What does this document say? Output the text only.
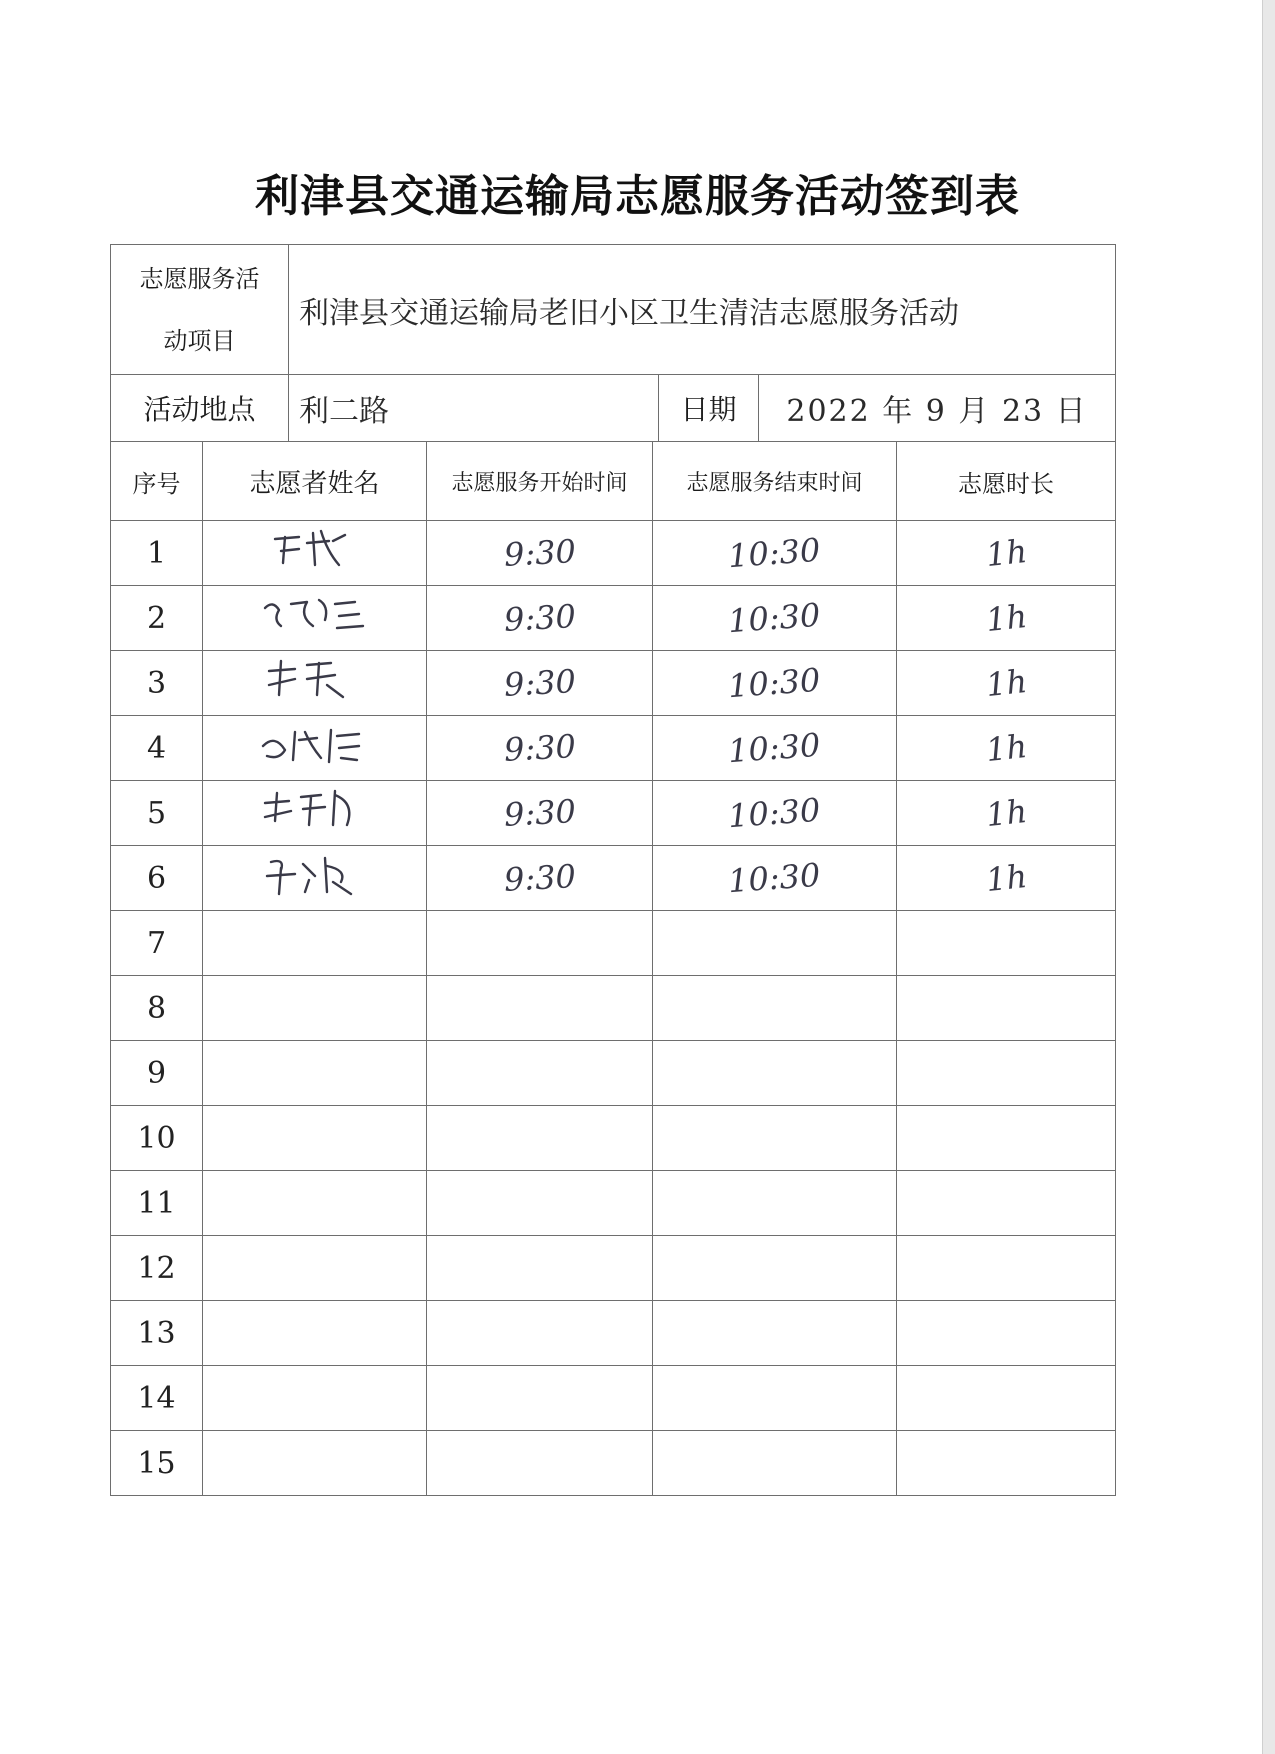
利津县交通运输局志愿服务活动签到表
志愿服务活
动项目	利津县交通运输局老旧小区卫生清洁志愿服务活动		
活动地点	利二路	日期	2022 年 9 月 23 日
序号	志愿者姓名	志愿服务开始时间	志愿服务结束时间	志愿时长
1		9:30	10:30	1h
2		9:30	10:30	1h
3		9:30	10:30	1h
4		9:30	10:30	1h
5		9:30	10:30	1h
6		9:30	10:30	1h
7				
8				
9				
10				
11				
12				
13				
14				
15				
